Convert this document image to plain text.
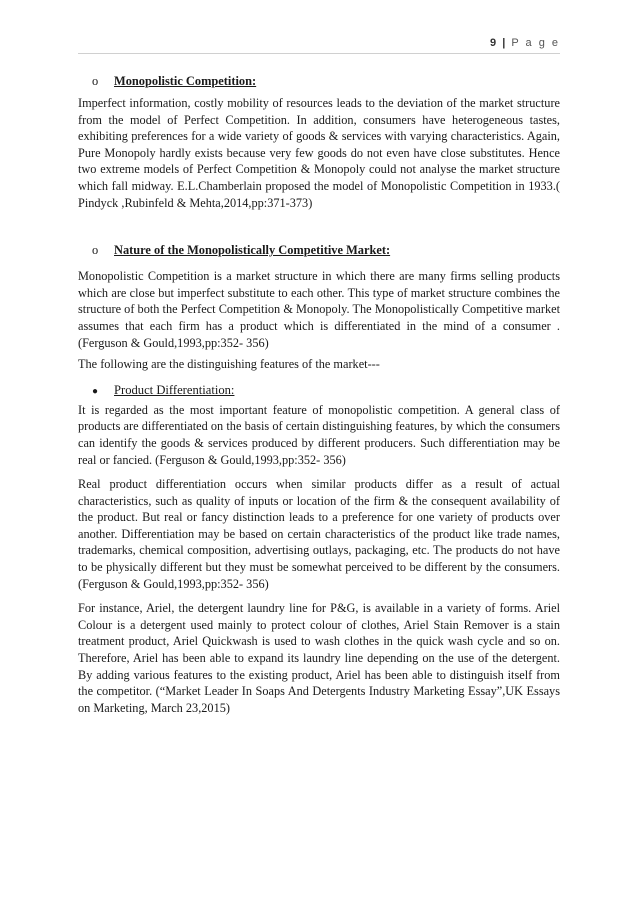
9 | P a g e
o Monopolistic Competition:

Imperfect information, costly mobility of resources leads to the deviation of the market structure from the model of Perfect Competition. In addition, consumers have heterogeneous tastes, exhibiting preferences for a wide variety of goods & services with varying characteristics. Again, Pure Monopoly hardly exists because very few goods do not even have close substitutes. Hence two extreme models of Perfect Competition & Monopoly could not analyse the market structure which fall midway. E.L.Chamberlain proposed the model of Monopolistic Competition in 1933.( Pindyck ,Rubinfeld & Mehta,2014,pp:371-373)

o Nature of the Monopolistically Competitive Market:

Monopolistic Competition is a market structure in which there are many firms selling products which are close but imperfect substitute to each other. This type of market structure combines the structure of both the Perfect Competition & Monopoly. The Monopolistically Competitive market assumes that each firm has a product which is differentiated in the mind of a consumer .(Ferguson & Gould,1993,pp:352- 356)

The following are the distinguishing features of the market---

● Product Differentiation:

It is regarded as the most important feature of monopolistic competition. A general class of products are differentiated on the basis of certain distinguishing features, by which the consumers can identify the goods & services produced by different producers. Such differentiation may be real or fancied. (Ferguson & Gould,1993,pp:352- 356)

Real product differentiation occurs when similar products differ as a result of actual characteristics, such as quality of inputs or location of the firm & the consequent availability of the product. But real or fancy distinction leads to a preference for one variety of products over another. Differentiation may be based on certain characteristics of the product like trade names, trademarks, chemical composition, advertising outlays, packaging, etc. The products do not have to be physically different but they must be somewhat perceived to be different by the consumers. (Ferguson & Gould,1993,pp:352- 356)

For instance, Ariel, the detergent laundry line for P&G, is available in a variety of forms. Ariel Colour is a detergent used mainly to protect colour of clothes, Ariel Stain Remover is a stain treatment product, Ariel Quickwash is used to wash clothes in the quick wash cycle and so on. Therefore, Ariel has been able to expand its laundry line depending on the use of the detergent. By adding various features to the existing product, Ariel has been able to distinguish itself from the competitor. (“Market Leader In Soaps And Detergents Industry Marketing Essay”,UK Essays on Marketing, March 23,2015)
